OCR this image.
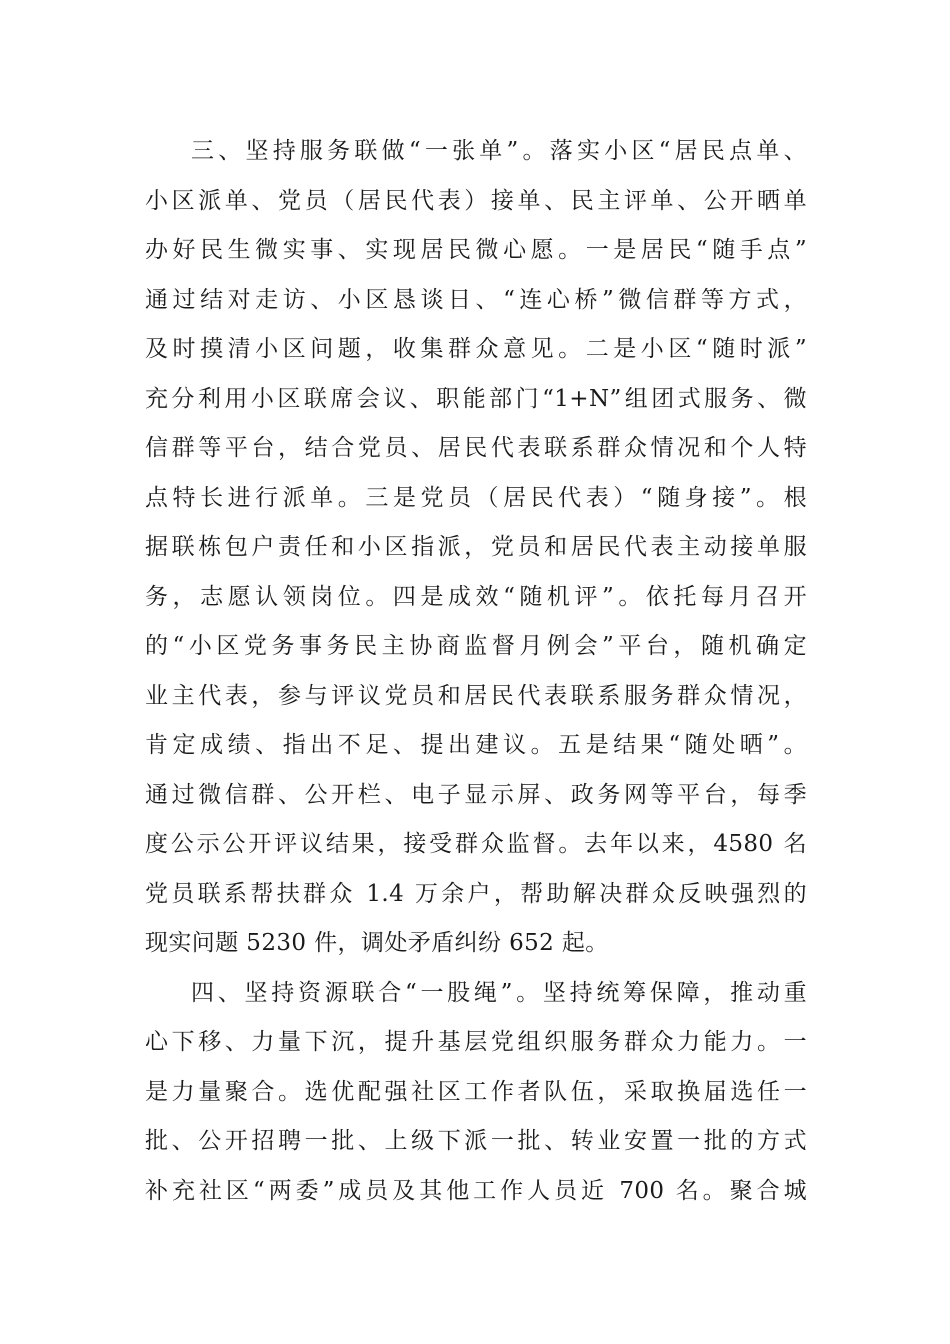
三、坚持服务联做“一张单”。落实小区“居民点单、
小区派单、党员（居民代表）接单、民主评单、公开晒单
办好民生微实事、实现居民微心愿。一是居民“随手点”
通过结对走访、小区恳谈日、“连心桥”微信群等方式，
及时摸清小区问题，收集群众意见。二是小区“随时派”
充分利用小区联席会议、职能部门“1+N”组团式服务、微
信群等平台，结合党员、居民代表联系群众情况和个人特
点特长进行派单。三是党员（居民代表）“随身接”。根
据联栋包户责任和小区指派，党员和居民代表主动接单服
务，志愿认领岗位。四是成效“随机评”。依托每月召开
的“小区党务事务民主协商监督月例会”平台，随机确定
业主代表，参与评议党员和居民代表联系服务群众情况，
肯定成绩、指出不足、提出建议。五是结果“随处晒”。
通过微信群、公开栏、电子显示屏、政务网等平台，每季
度公示公开评议结果，接受群众监督。去年以来，4580 名
党员联系帮扶群众 1.4 万余户，帮助解决群众反映强烈的
现实问题 5230 件，调处矛盾纠纷 652 起。
四、坚持资源联合“一股绳”。坚持统筹保障，推动重
心下移、力量下沉，提升基层党组织服务群众力能力。一
是力量聚合。选优配强社区工作者队伍，采取换届选任一
批、公开招聘一批、上级下派一批、转业安置一批的方式
补充社区“两委”成员及其他工作人员近 700 名。聚合城
